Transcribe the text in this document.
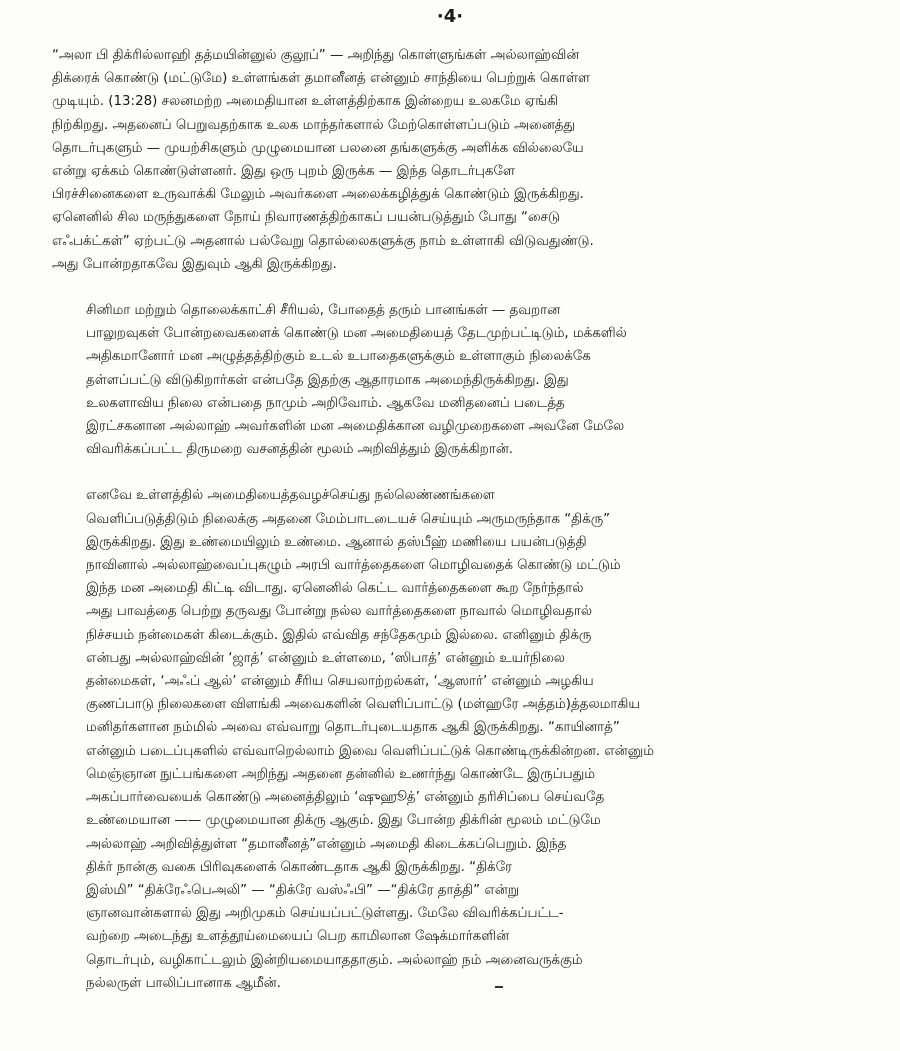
·4·

“அலா பி திக்ரில்லாஹி தத்மயின்னுல் குலூப்” — அறிந்து கொள்ளுங்கள் அல்லாஹ்வின்
திக்ரைக் கொண்டு (மட்டுமே) உள்ளங்கள் தமானீனத் என்னும் சாந்தியை பெற்றுக் கொள்ள
முடியும். (13:28) சலனமற்ற அமைதியான உள்ளத்திற்காக இன்றைய உலகமே ஏங்கி
நிற்கிறது. அதனைப் பெறுவதற்காக உலக மாந்தர்களால் மேற்கொள்ளப்படும் அனைத்து
தொடர்புகளும் — முயற்சிகளும் முழுமையான பலனை தங்களுக்கு அளிக்க வில்லையே
என்று ஏக்கம் கொண்டுள்ளனர். இது ஒரு புறம் இருக்க — இந்த தொடர்புகளே
பிரச்சினைகளை உருவாக்கி மேலும் அவர்களை அலைக்கழித்துக் கொண்டும் இருக்கிறது.
ஏனெனில் சில மருந்துகளை நோய் நிவாரணத்திற்காகப் பயன்படுத்தும் போது “சைடு
எஃபக்ட்கள்” ஏற்பட்டு அதனால் பல்வேறு தொல்லைகளுக்கு நாம் உள்ளாகி விடுவதுண்டு.
அது போன்றதாகவே இதுவும் ஆகி இருக்கிறது.

சினிமா மற்றும் தொலைக்காட்சி சீரியல், போதைத் தரும் பானங்கள் — தவறான
பாலுறவுகள் போன்றவைகளைக் கொண்டு மன அமைதியைத் தேடமுற்பட்டிடும், மக்களில்
அதிகமானோர் மன அழுத்தத்திற்கும் உடல் உபாதைகளுக்கும் உள்ளாகும் நிலைக்கே
தள்ளப்பட்டு விடுகிறார்கள் என்பதே இதற்கு ஆதாரமாக அமைந்திருக்கிறது. இது
உலகளாவிய நிலை என்பதை நாமும் அறிவோம். ஆகவே மனிதனைப் படைத்த
இரட்சகனான அல்லாஹ் அவர்களின் மன அமைதிக்கான வழிமுறைகளை அவனே மேலே
விவரிக்கப்பட்ட திருமறை வசனத்தின் மூலம் அறிவித்தும் இருக்கிறான்.

எனவே உள்ளத்தில் அமைதியைத்தவழச்செய்து நல்லெண்ணங்களை
வெளிப்படுத்திடும் நிலைக்கு அதனை மேம்பாடடையச் செய்யும் அருமருந்தாக “திக்ரு”
இருக்கிறது. இது உண்மையிலும் உண்மை. ஆனால் தஸ்பீஹ் மணியை பயன்படுத்தி
நாவினால் அல்லாஹ்வைப்புகழும் அரபி வார்த்தைகளை மொழிவதைக் கொண்டு மட்டும்
இந்த மன அமைதி கிட்டி விடாது. ஏனெனில் கெட்ட வார்த்தைகளை கூற நேர்ந்தால்
அது பாவத்தை பெற்று தருவது போன்று நல்ல வார்த்தைகளை நாவால் மொழிவதால்
நிச்சயம் நன்மைகள் கிடைக்கும். இதில் எவ்வித சந்தேகமும் இல்லை. எனினும் திக்ரு
என்பது அல்லாஹ்வின் ‘ஜாத்’ என்னும் உள்ளமை, ‘ஸிபாத்’ என்னும் உயர்நிலை
தன்மைகள், ‘அஃப் ஆல்’ என்னும் சீரிய செயலாற்றல்கள், ‘ஆஸார்’ என்னும் அழகிய
குணப்பாடு நிலைகளை விளங்கி அவைகளின் வெளிப்பாட்டு (மள்ஹரே அத்தம்)த்தலமாகிய
மனிதர்களான நம்மில் அவை எவ்வாறு தொடர்புடையதாக ஆகி இருக்கிறது. “காயினாத்”
என்னும் படைப்புகளில் எவ்வாறெல்லாம் இவை வெளிப்பட்டுக் கொண்டிருக்கின்றன. என்னும்
மெஞ்ஞான நுட்பங்களை அறிந்து அதனை தன்னில் உணர்ந்து கொண்டே இருப்பதும்
அகப்பார்வையைக் கொண்டு அனைத்திலும் ‘ஷுஹூத்’ என்னும் தரிசிப்பை செய்வதே
உண்மையான —— முழுமையான திக்ரு ஆகும். இது போன்ற திக்ரின் மூலம் மட்டுமே
அல்லாஹ் அறிவித்துள்ள “தமானீனத்”என்னும் அமைதி கிடைக்கப்பெறும். இந்த
திக்ர் நான்கு வகை பிரிவுகளைக் கொண்டதாக ஆகி இருக்கிறது. “திக்ரே
இஸ்மி” “திக்ரேஃபெஅலி” — “திக்ரே வஸ்ஃபி” —“திக்ரே தாத்தி” என்று
ஞானவான்களால் இது அறிமுகம் செய்யப்பட்டுள்ளது. மேலே விவரிக்கப்பட்ட-
வற்றை அடைந்து உளத்தூய்மையைப் பெற காமிலான ஷேக்மார்களின்
தொடர்பும், வழிகாட்டலும் இன்றியமையாததாகும். அல்லாஹ் நம் அனைவருக்கும்
நல்லருள் பாலிப்பானாக ஆமீன்.
